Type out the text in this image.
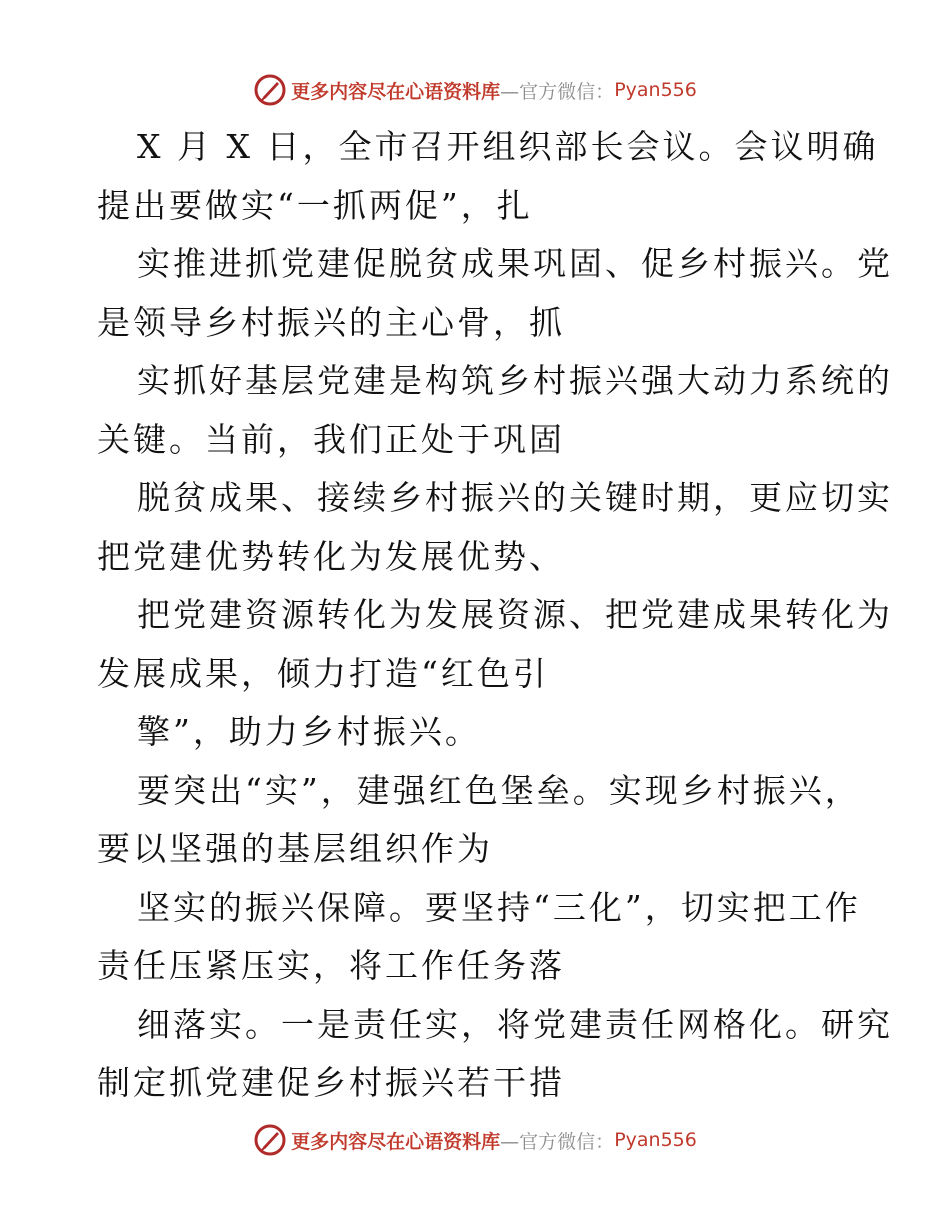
更多内容尽在心语资料库 —官方微信： Pyan556
X 月 X 日，全市召开组织部长会议。会议明确
提出要做实“一抓两促”，扎
实推进抓党建促脱贫成果巩固、促乡村振兴。党
是领导乡村振兴的主心骨，抓
实抓好基层党建是构筑乡村振兴强大动力系统的
关键。当前，我们正处于巩固
脱贫成果、接续乡村振兴的关键时期，更应切实
把党建优势转化为发展优势、
把党建资源转化为发展资源、把党建成果转化为
发展成果，倾力打造“红色引
擎”，助力乡村振兴。
要突出“实”，建强红色堡垒。实现乡村振兴，
要以坚强的基层组织作为
坚实的振兴保障。要坚持“三化”，切实把工作
责任压紧压实，将工作任务落
细落实。一是责任实，将党建责任网格化。研究
制定抓党建促乡村振兴若干措
更多内容尽在心语资料库 —官方微信： Pyan556
